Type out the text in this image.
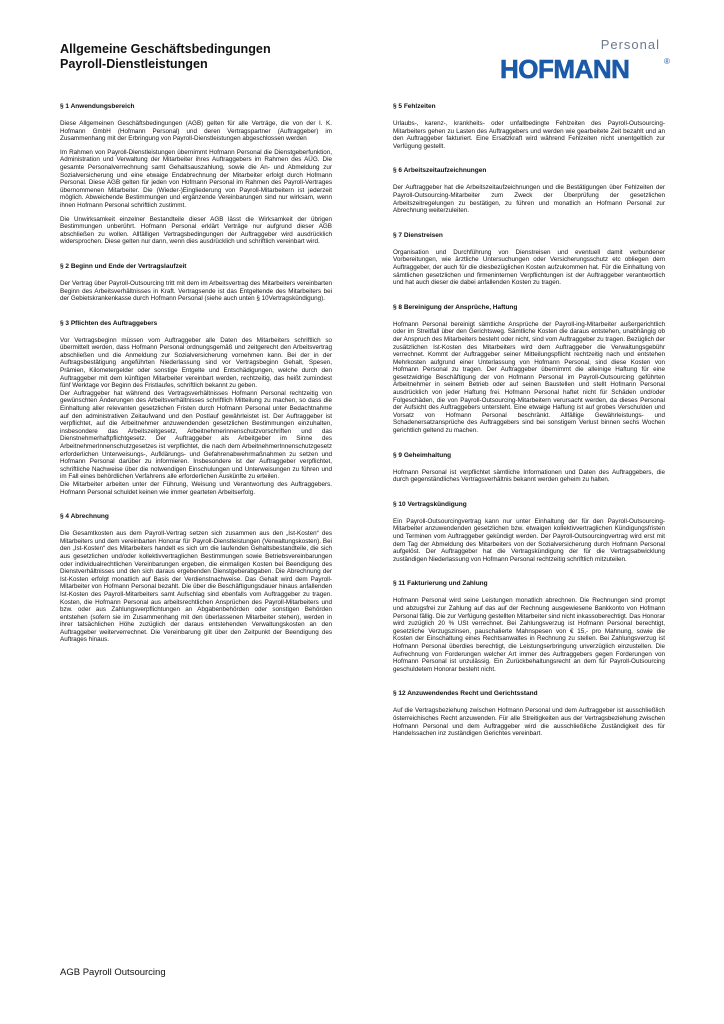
Allgemeine Geschäftsbedingungen
Payroll-Dienstleistungen
Personal
HOFMANN	®
§ 1 Anwendungsbereich

Diese Allgemeinen Geschäftsbedingungen (AGB) gelten für alle Verträge, die von der I. K. Hofmann GmbH (Hofmann Personal) und deren Vertragspartner (Auftraggeber) im Zusammenhang mit der Erbringung von Payroll-Dienstleistungen abgeschlossen werden

Im Rahmen von Payroll-Dienstleistungen übernimmt Hofmann Personal die Dienstgeberfunktion, Administration und Verwaltung der Mitarbeiter ihres Auftraggebers im Rahmen des AÜG. Die gesamte Personalverrechnung samt Gehaltsauszahlung, sowie die An- und Abmeldung zur Sozialversicherung und eine etwaige Endabrechnung der Mitarbeiter erfolgt durch Hofmann Personal. Diese AGB gelten für jeden von Hofmann Personal im Rahmen des Payroll-Vertrages übernommenen Mitarbeiter. Die (Wieder-)Eingliederung von Payroll-Mitarbeitern ist jederzeit möglich. Abweichende Bestimmungen und ergänzende Vereinbarungen sind nur wirksam, wenn ihnen Hofmann Personal schriftlich zustimmt.

Die Unwirksamkeit einzelner Bestandteile dieser AGB lässt die Wirksamkeit der übrigen Bestimmungen unberührt. Hofmann Personal erklärt Verträge nur aufgrund dieser AGB abschließen zu wollen. Allfälligen Vertragsbedingungen der Auftraggeber wird ausdrücklich widersprochen. Diese gelten nur dann, wenn dies ausdrücklich und schriftlich vereinbart wird.

§ 2 Beginn und Ende der Vertragslaufzeit

Der Vertrag über Payroll-Outsourcing tritt mit dem im Arbeitsvertrag des Mitarbeiters vereinbarten Beginn des Arbeitsverhältnisses in Kraft. Vertragsende ist das Entgeltende des Mitarbeiters bei der Gebietskrankenkasse durch Hofmann Personal (siehe auch unten § 10Vertragskündigung).

§ 3 Pflichten des Auftraggebers

Vor Vertragsbeginn müssen vom Auftraggeber alle Daten des Mitarbeiters schriftlich so übermittelt werden, dass Hofmann Personal ordnungsgemäß und zeitgerecht den Arbeitsvertrag abschließen und die Anmeldung zur Sozialversicherung vornehmen kann. Bei der in der Auftragsbestätigung angeführten Niederlassung sind vor Vertragsbeginn Gehalt, Spesen, Prämien, Kilometergelder oder sonstige Entgelte und Entschädigungen, welche durch den Auftraggeber mit dem künftigen Mitarbeiter vereinbart werden, rechtzeitig, das heißt zumindest fünf Werktage vor Beginn des Fristlaufes, schriftlich bekannt zu geben.

Der Auftraggeber hat während des Vertragsverhältnisses Hofmann Personal rechtzeitig von gewünschten Änderungen des Arbeitsverhältnisses schriftlich Mitteilung zu machen, so dass die Einhaltung aller relevanten gesetzlichen Fristen durch Hofmann Personal unter Bedachtnahme auf den administrativen Zeitaufwand und den Postlauf gewährleistet ist. Der Auftraggeber ist verpflichtet, auf die Arbeitnehmer anzuwendenden gesetzlichen Bestimmungen einzuhalten, insbesondere das Arbeitszeitgesetz, Arbeitnehmerinnenschutzvorschriften und das Dienstnehmerhaftpflichtgesetz. Der Auftraggeber als Arbeitgeber im Sinne des ArbeitnehmerInnenschutzgesetzes ist verpflichtet, die nach dem ArbeitnehmerInnenschutzgesetz erforderlichen Unterweisungs-, Aufklärungs- und Gefahrenabwehrmaßnahmen zu setzen und Hofmann Personal darüber zu informieren. Insbesondere ist der Auftraggeber verpflichtet, schriftliche Nachweise über die notwendigen Einschulungen und Unterweisungen zu führen und im Fall eines behördlichen Verfahrens alle erforderlichen Auskünfte zu erteilen.

Die Mitarbeiter arbeiten unter der Führung, Weisung und Verantwortung des Auftraggebers. Hofmann Personal schuldet keinen wie immer gearteten Arbeitserfolg.

§ 4 Abrechnung

Die Gesamtkosten aus dem Payroll-Vertrag setzen sich zusammen aus den „Ist-Kosten“ des Mitarbeiters und dem vereinbarten Honorar für Payroll-Dienstleistungen (Verwaltungskosten). Bei den „Ist-Kosten“ des Mitarbeiters handelt es sich um die laufenden Gehaltsbestandteile, die sich aus gesetzlichen und/oder kollektivvertraglichen Bestimmungen sowie Betriebsvereinbarungen oder individualrechtlichen Vereinbarungen ergeben, die einmaligen Kosten bei Beendigung des Dienstverhältnisses und den sich daraus ergebenden Dienstgeberabgaben. Die Abrechnung der Ist-Kosten erfolgt monatlich auf Basis der Verdienstnachweise. Das Gehalt wird dem Payroll-Mitarbeiter von Hofmann Personal bezahlt. Die über die Beschäftigungsdauer hinaus anfallenden Ist-Kosten des Payroll-Mitarbeiters samt Aufschlag sind ebenfalls vom Auftraggeber zu tragen. Kosten, die Hofmann Personal aus arbeitsrechtlichen Ansprüchen des Payroll-Mitarbeiters und bzw. oder aus Zahlungsverpflichtungen an Abgabenbehörden oder sonstigen Behörden entstehen (sofern sie im Zusammenhang mit den überlassenen Mitarbeiter stehen), werden in ihrer tatsächlichen Höhe zuzüglich der daraus entstehenden Verwaltungskosten an den Auftraggeber weiterverrechnet. Die Vereinbarung gilt über den Zeitpunkt der Beendigung des Auftrages hinaus.

§ 5 Fehlzeiten

Urlaubs-, karenz-, krankheits- oder unfallbedingte Fehlzeiten des Payroll-Outsourcing-Mitarbeiters gehen zu Lasten des Auftraggebers und werden wie gearbeitete Zeit bezahlt und an den Auftraggeber fakturiert. Eine Ersatzkraft wird während Fehlzeiten nicht unentgeltlich zur Verfügung gestellt.

§ 6 Arbeitszeitaufzeichnungen

Der Auftraggeber hat die Arbeitszeitaufzeichnungen und die Bestätigungen über Fehlzeiten der Payroll-Outsourcing-Mitarbeiter zum Zweck der Überprüfung der gesetzlichen Arbeitszeitregelungen zu bestätigen, zu führen und monatlich an Hofmann Personal zur Abrechnung weiterzuleiten.

§ 7 Dienstreisen

Organisation und Durchführung von Dienstreisen und eventuell damit verbundener Vorbereitungen, wie ärztliche Untersuchungen oder Versicherungsschutz etc obliegen dem Auftraggeber, der auch für die diesbezüglichen Kosten aufzukommen hat. Für die Einhaltung von sämtlichen gesetzlichen und firmeninternen Verpflichtungen ist der Auftraggeber verantwortlich und hat auch dieser die dabei anfallenden Kosten zu tragen.

§ 8 Bereinigung der Ansprüche, Haftung

Hofmann Personal bereinigt sämtliche Ansprüche der Payroll-ing-Mitarbeiter außergerichtlich oder im Streitfall über den Gerichtsweg. Sämtliche Kosten die daraus entstehen, unabhängig ob der Anspruch des Mitarbeiters besteht oder nicht, sind vom Auftraggeber zu tragen. Bezüglich der zusätzlichen Ist-Kosten des Mitarbeiters wird dem Auftraggeber die Verwaltungsgebühr verrechnet. Kommt der Auftraggeber seiner Mitteilungspflicht rechtzeitig nach und entstehen Mehrkosten aufgrund einer Unterlassung von Hofmann Personal, sind diese Kosten von Hofmann Personal zu tragen. Der Auftraggeber übernimmt die alleinige Haftung für eine gesetzwidrige Beschäftigung der von Hofmann Personal im Payroll-Outsourcing geführten Arbeitnehmer in seinem Betrieb oder auf seinen Baustellen und stellt Hofmann Personal ausdrücklich von jeder Haftung frei. Hofmann Personal haftet nicht für Schäden und/oder Folgeschäden, die von Payroll-Outsourcing-Mitarbeitern verursacht werden, da dieses Personal der Aufsicht des Auftraggebers untersteht. Eine etwaige Haftung ist auf grobes Verschulden und Vorsatz von Hofmann Personal beschränkt. Allfällige Gewährleistungs- und Schadenersatzansprüche des Auftraggebers sind bei sonstigem Verlust binnen sechs Wochen gerichtlich geltend zu machen.

§ 9 Geheimhaltung

Hofmann Personal ist verpflichtet sämtliche Informationen und Daten des Auftraggebers, die durch gegenständliches Vertragsverhältnis bekannt werden geheim zu halten.

§ 10 Vertragskündigung

Ein Payroll-Outsourcingvertrag kann nur unter Einhaltung der für den Payroll-Outsourcing-Mitarbeiter anzuwendenden gesetzlichen bzw. etwaigen kollektivvertraglichen Kündigungsfristen und Terminen vom Auftraggeber gekündigt werden. Der Payroll-Outsourcingvertrag wird erst mit dem Tag der Abmeldung des Mitarbeiters von der Sozialversicherung durch Hofmann Personal aufgelöst. Der Auftraggeber hat die Vertragskündigung der für die Vertragsabwicklung zuständigen Niederlassung von Hofmann Personal rechtzeitig schriftlich mitzuteilen.

§ 11 Fakturierung und Zahlung

Hofmann Personal wird seine Leistungen monatlich abrechnen. Die Rechnungen sind prompt und abzugsfrei zur Zahlung auf das auf der Rechnung ausgewiesene Bankkonto von Hofmann Personal fällig. Die zur Verfügung gestellten Mitarbeiter sind nicht inkassoberechtigt. Das Honorar wird zuzüglich 20 % USt verrechnet. Bei Zahlungsverzug ist Hofmann Personal berechtigt, gesetzliche Verzugszinsen, pauschalierte Mahnspesen von € 15,- pro Mahnung, sowie die Kosten der Einschaltung eines Rechtsanwaltes in Rechnung zu stellen. Bei Zahlungsverzug ist Hofmann Personal überdies berechtigt, die Leistungserbringung unverzüglich einzustellen. Die Aufrechnung von Forderungen welcher Art immer des Auftraggebers gegen Forderungen von Hofmann Personal ist unzulässig. Ein Zurückbehaltungsrecht an dem für Payroll-Outsourcing geschuldetem Honorar besteht nicht.

§ 12 Anzuwendendes Recht und Gerichtsstand

Auf die Vertragsbeziehung zwischen Hofmann Personal und dem Auftraggeber ist ausschließlich österreichisches Recht anzuwenden. Für alle Streitigkeiten aus der Vertragsbeziehung zwischen Hofmann Personal und dem Auftraggeber wird die ausschließliche Zuständigkeit des für Handelssachen inz zuständigen Gerichtes vereinbart.

AGB Payroll Outsourcing
